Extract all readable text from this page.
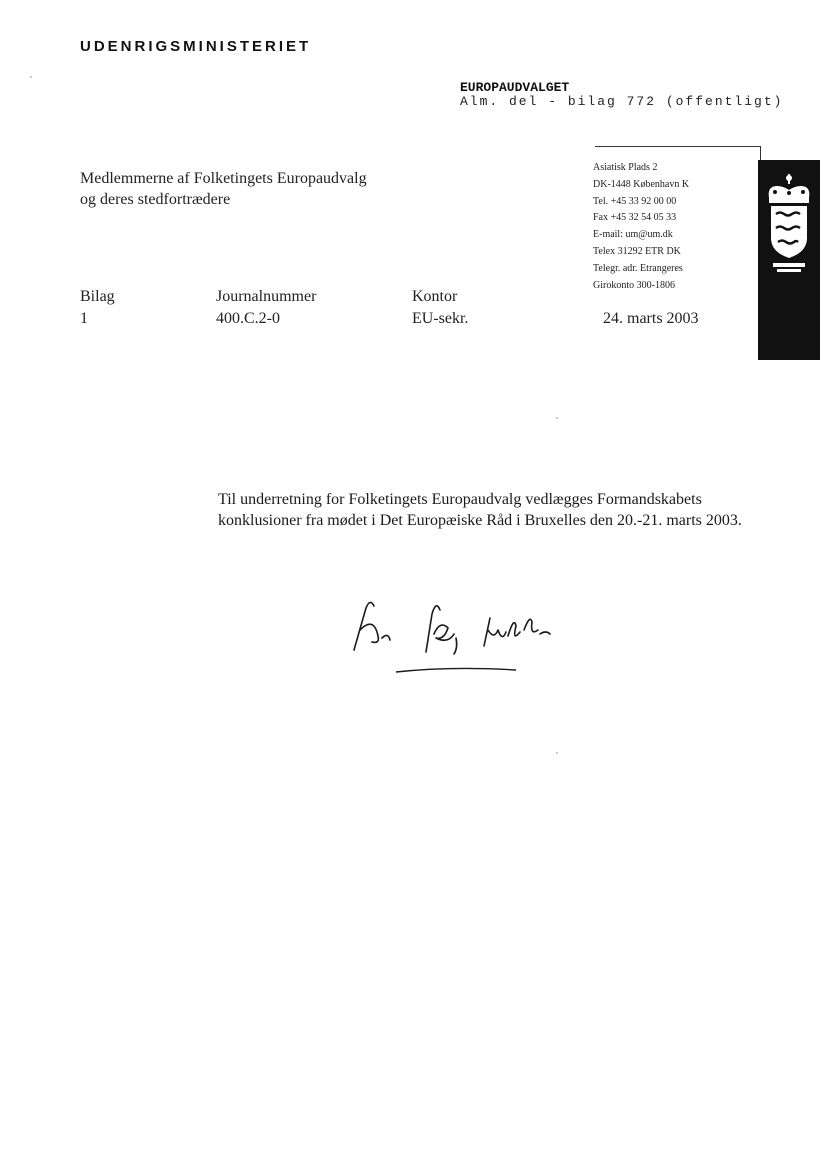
UDENRIGSMINISTERIET
EUROPAUDVALGET
Alm. del - bilag 772 (offentligt)
Medlemmerne af Folketingets Europaudvalg
og deres stedfortrædere
Asiatisk Plads 2
DK-1448 København K
Tel. +45 33 92 00 00
Fax +45 32 54 05 33
E-mail: um@um.dk
Telex 31292 ETR DK
Telegr. adr. Etrangeres
Girokonto 300-1806
Bilag
1
Journalnummer
400.C.2-0
Kontor
EU-sekr.	24. marts 2003
Til underretning for Folketingets Europaudvalg vedlægges Formandskabets konklusioner fra mødet i Det Europæiske Råd i Bruxelles den 20.-21. marts 2003.
